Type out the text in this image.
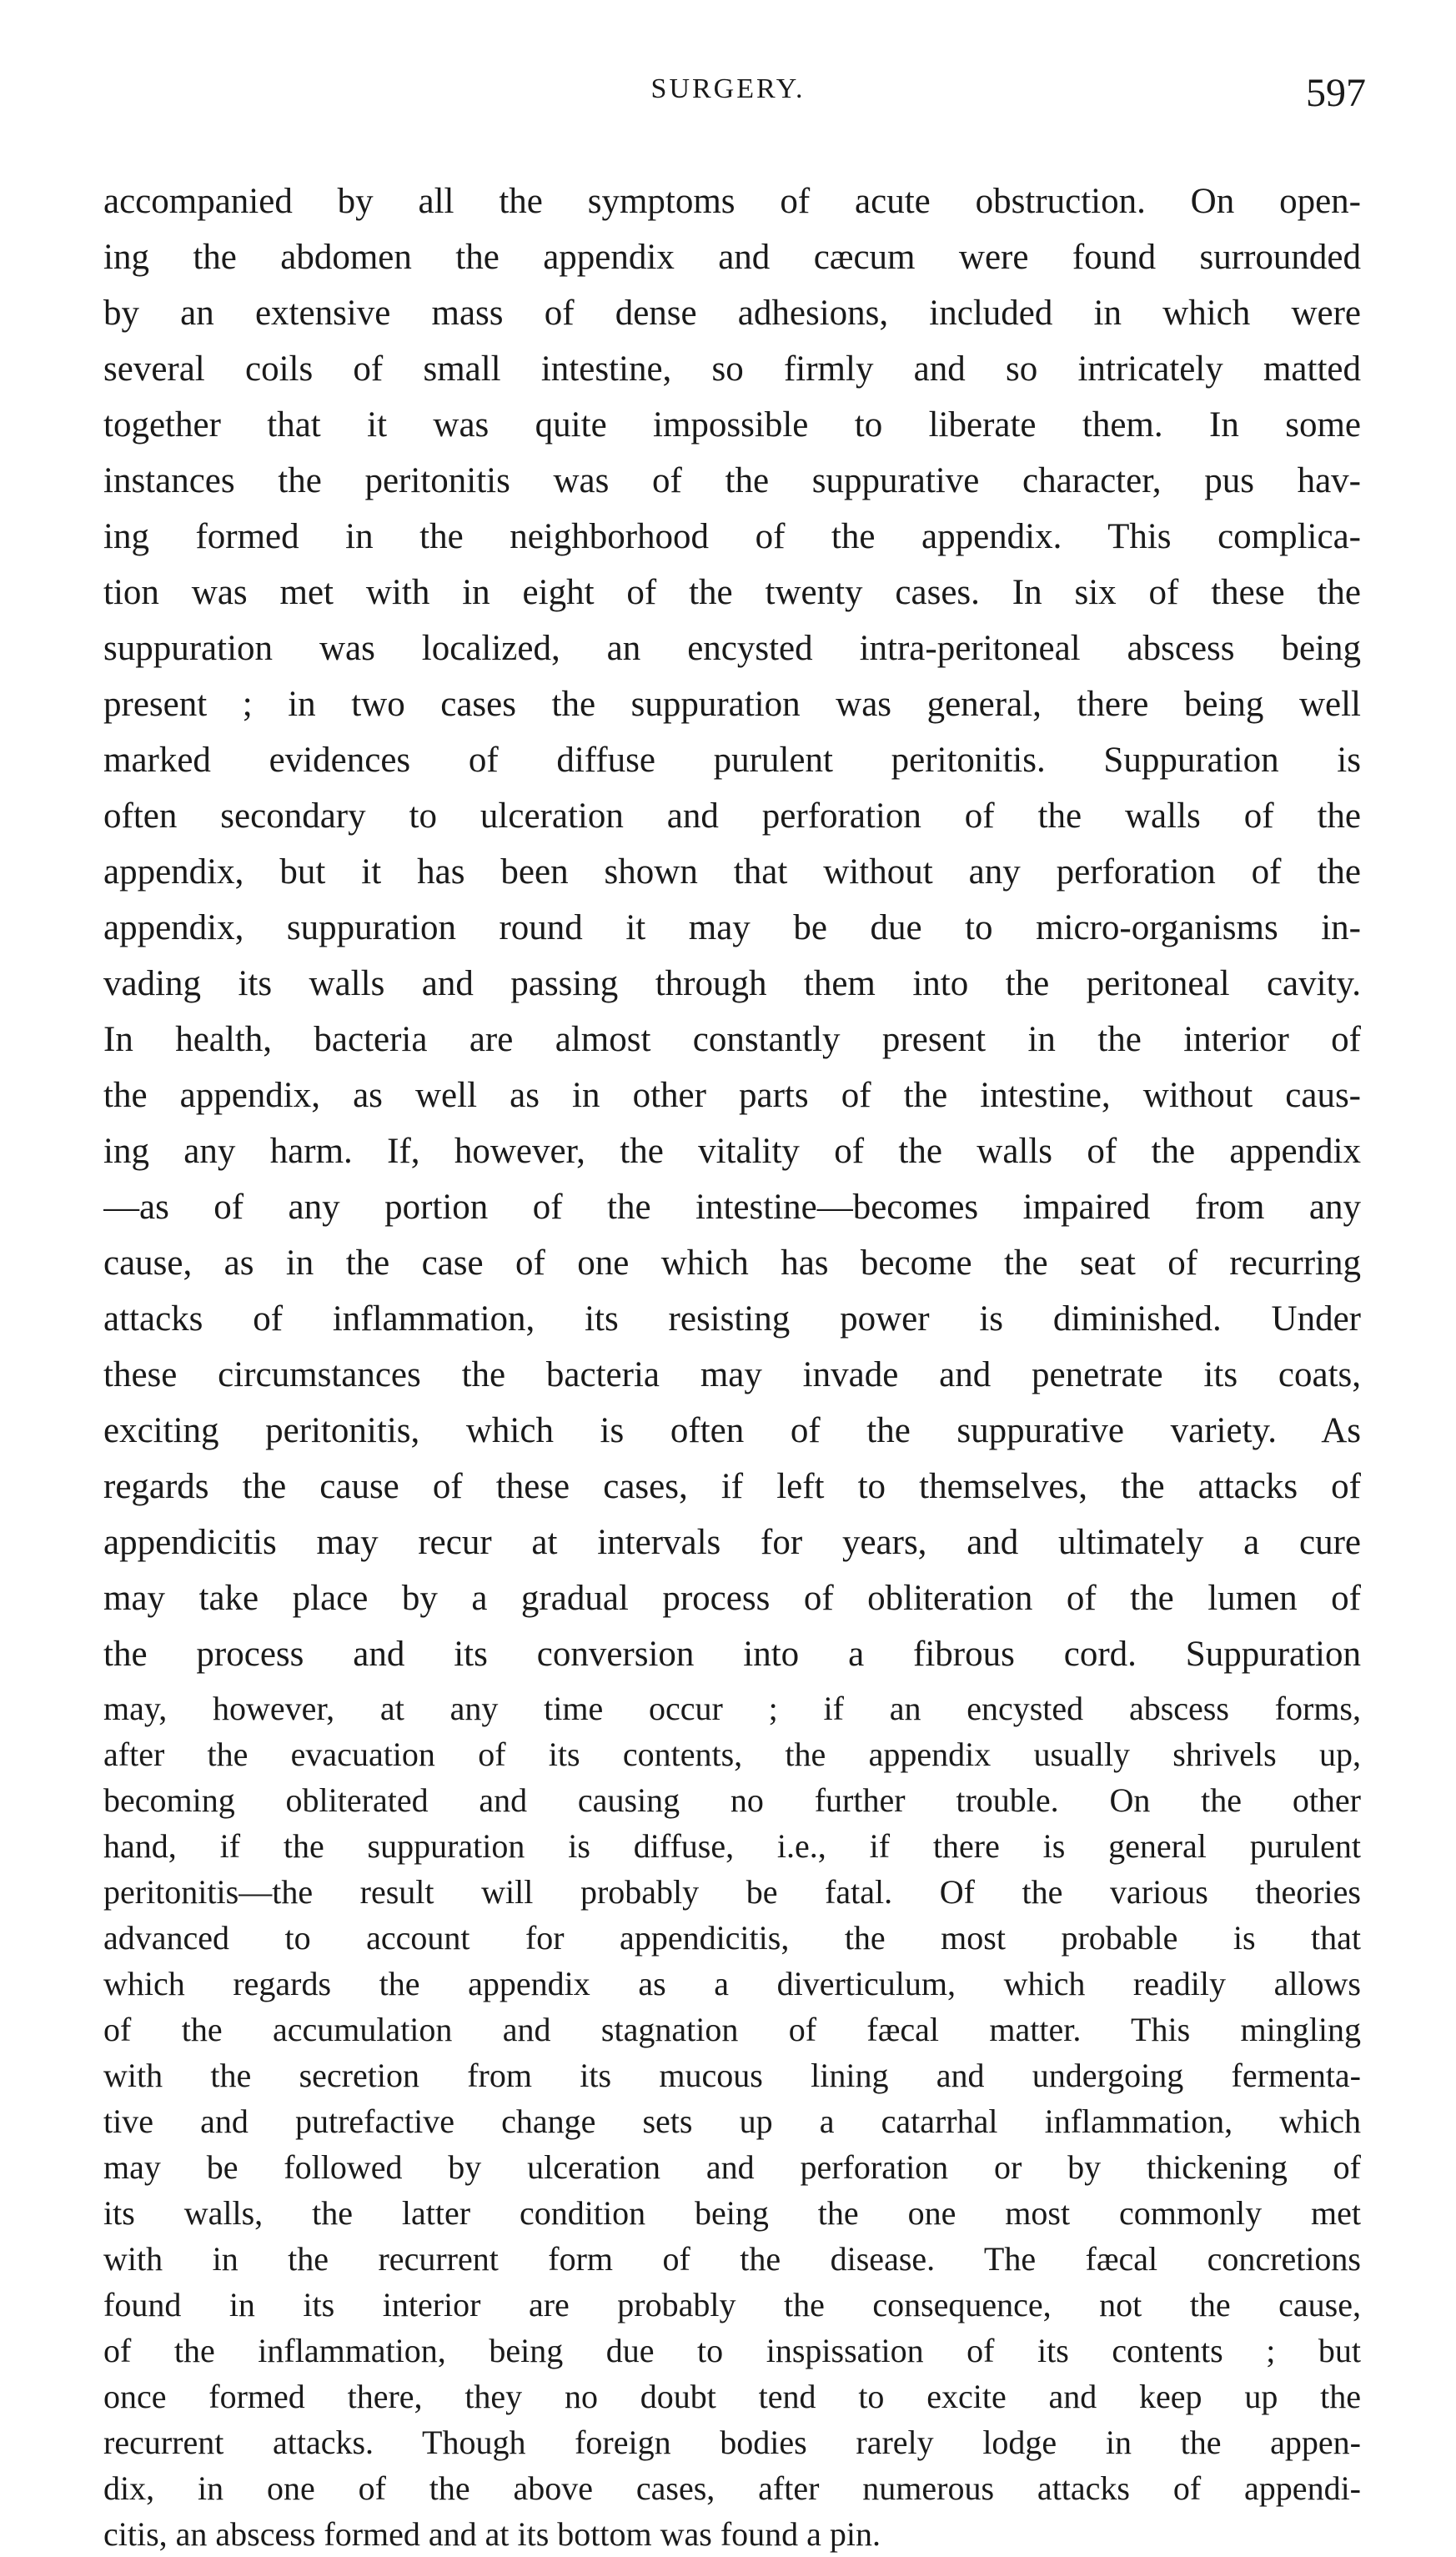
SURGERY.	597
accompanied by all the symptoms of acute obstruction. On open-
ing the abdomen the appendix and cæcum were found surrounded
by an extensive mass of dense adhesions, included in which were
several coils of small intestine, so firmly and so intricately matted
together that it was quite impossible to liberate them. In some
instances the peritonitis was of the suppurative character, pus hav-
ing formed in the neighborhood of the appendix. This complica-
tion was met with in eight of the twenty cases. In six of these the
suppuration was localized, an encysted intra-peritoneal abscess being
present ; in two cases the suppuration was general, there being well
marked evidences of diffuse purulent peritonitis. Suppuration is
often secondary to ulceration and perforation of the walls of the
appendix, but it has been shown that without any perforation of the
appendix, suppuration round it may be due to micro-organisms in-
vading its walls and passing through them into the peritoneal cavity.
In health, bacteria are almost constantly present in the interior of
the appendix, as well as in other parts of the intestine, without caus-
ing any harm. If, however, the vitality of the walls of the appendix
—as of any portion of the intestine—becomes impaired from any
cause, as in the case of one which has become the seat of recurring
attacks of inflammation, its resisting power is diminished. Under
these circumstances the bacteria may invade and penetrate its coats,
exciting peritonitis, which is often of the suppurative variety. As
regards the cause of these cases, if left to themselves, the attacks of
appendicitis may recur at intervals for years, and ultimately a cure
may take place by a gradual process of obliteration of the lumen of
the process and its conversion into a fibrous cord. Suppuration
may, however, at any time occur ; if an encysted abscess forms,
after the evacuation of its contents, the appendix usually shrivels up,
becoming obliterated and causing no further trouble. On the other
hand, if the suppuration is diffuse, i.e., if there is general purulent
peritonitis—the result will probably be fatal. Of the various theories
advanced to account for appendicitis, the most probable is that
which regards the appendix as a diverticulum, which readily allows
of the accumulation and stagnation of fæcal matter. This mingling
with the secretion from its mucous lining and undergoing fermenta-
tive and putrefactive change sets up a catarrhal inflammation, which
may be followed by ulceration and perforation or by thickening of
its walls, the latter condition being the one most commonly met
with in the recurrent form of the disease. The fæcal concretions
found in its interior are probably the consequence, not the cause,
of the inflammation, being due to inspissation of its contents ; but
once formed there, they no doubt tend to excite and keep up the
recurrent attacks. Though foreign bodies rarely lodge in the appen-
dix, in one of the above cases, after numerous attacks of appendi-
citis, an abscess formed and at its bottom was found a pin.
